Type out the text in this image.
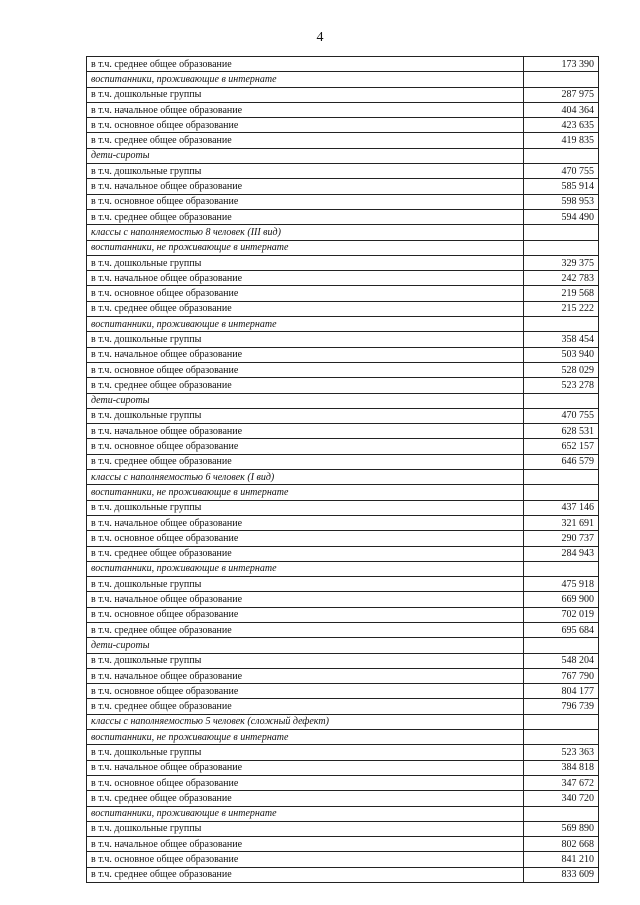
4
в т.ч. среднее общее образование	173 390
воспитанники, проживающие в интернате	
в т.ч. дошкольные группы	287 975
в т.ч. начальное общее образование	404 364
в т.ч. основное общее образование	423 635
в т.ч. среднее общее образование	419 835
дети-сироты	
в т.ч. дошкольные группы	470 755
в т.ч. начальное общее образование	585 914
в т.ч. основное общее образование	598 953
в т.ч. среднее общее образование	594 490
классы с наполняемостью 8 человек (III вид)	
воспитанники, не проживающие в интернате	
в т.ч. дошкольные группы	329 375
в т.ч. начальное общее образование	242 783
в т.ч. основное общее образование	219 568
в т.ч. среднее общее образование	215 222
воспитанники, проживающие в интернате	
в т.ч. дошкольные группы	358 454
в т.ч. начальное общее образование	503 940
в т.ч. основное общее образование	528 029
в т.ч. среднее общее образование	523 278
дети-сироты	
в т.ч. дошкольные группы	470 755
в т.ч. начальное общее образование	628 531
в т.ч. основное общее образование	652 157
в т.ч. среднее общее образование	646 579
классы с наполняемостью 6 человек (I вид)	
воспитанники, не проживающие в интернате	
в т.ч. дошкольные группы	437 146
в т.ч. начальное общее образование	321 691
в т.ч. основное общее образование	290 737
в т.ч. среднее общее образование	284 943
воспитанники, проживающие в интернате	
в т.ч. дошкольные группы	475 918
в т.ч. начальное общее образование	669 900
в т.ч. основное общее образование	702 019
в т.ч. среднее общее образование	695 684
дети-сироты	
в т.ч. дошкольные группы	548 204
в т.ч. начальное общее образование	767 790
в т.ч. основное общее образование	804 177
в т.ч. среднее общее образование	796 739
классы с наполняемостью 5 человек (сложный дефект)	
воспитанники, не проживающие в интернате	
в т.ч. дошкольные группы	523 363
в т.ч. начальное общее образование	384 818
в т.ч. основное общее образование	347 672
в т.ч. среднее общее образование	340 720
воспитанники, проживающие в интернате	
в т.ч. дошкольные группы	569 890
в т.ч. начальное общее образование	802 668
в т.ч. основное общее образование	841 210
в т.ч. среднее общее образование	833 609
